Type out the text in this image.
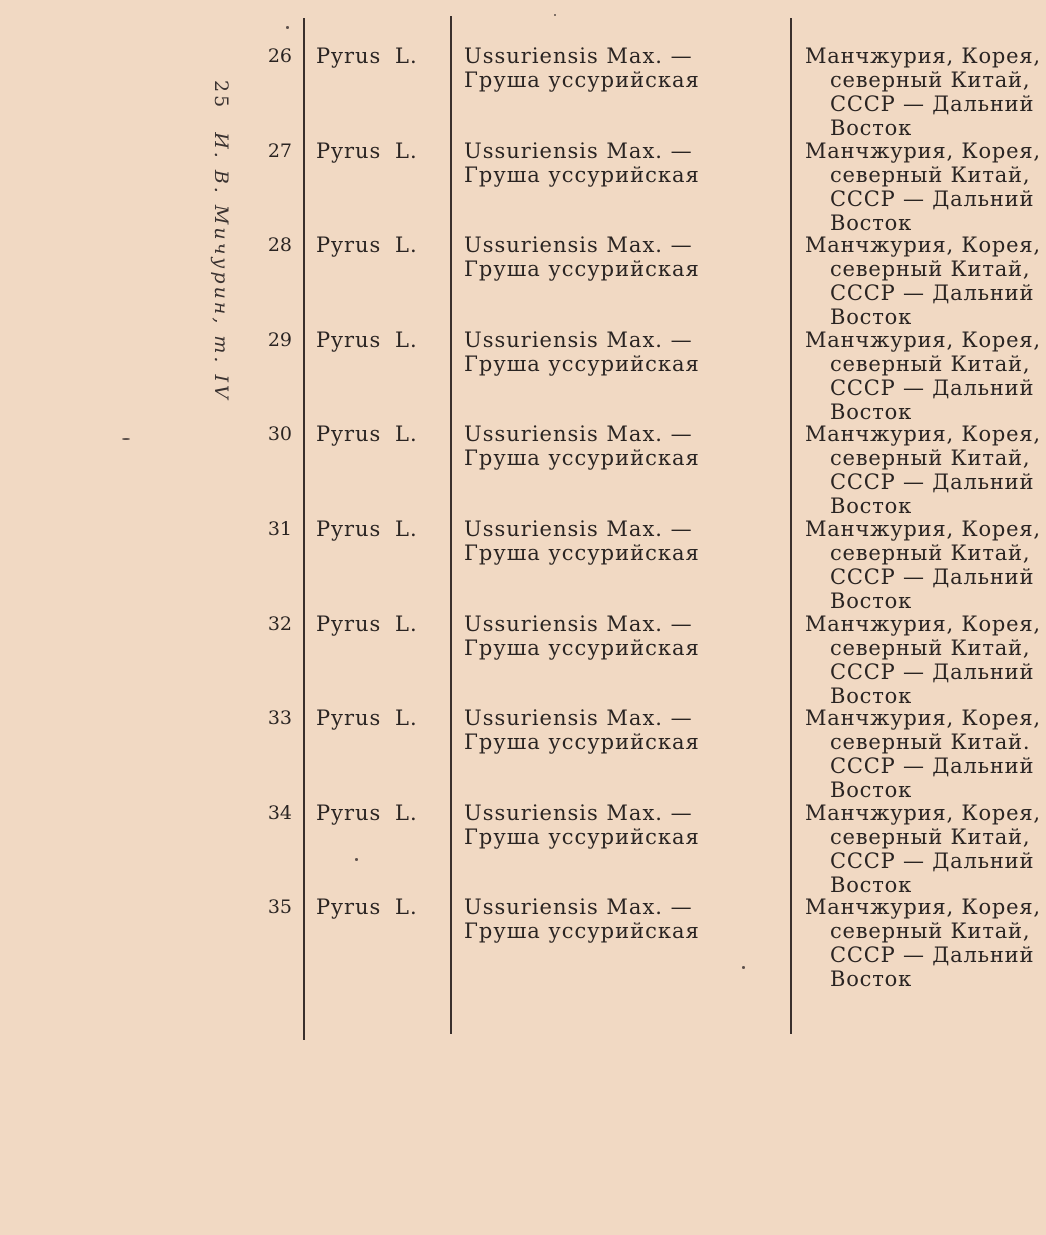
25И. В. Мичурин, т. IV
26 Pyrus L. Ussuriensis Max. —
Груша уссурийская
Манчжурия, Корея,
северный Китай,
СССР — Дальний
Восток
27 Pyrus L. Ussuriensis Max. —
Груша уссурийская
Манчжурия, Корея,
северный Китай,
СССР — Дальний
Восток
28 Pyrus L. Ussuriensis Max. —
Груша уссурийская
Манчжурия, Корея,
северный Китай,
СССР — Дальний
Восток
29 Pyrus L. Ussuriensis Max. —
Груша уссурийская
Манчжурия, Корея,
северный Китай,
СССР — Дальний
Восток
30 Pyrus L. Ussuriensis Max. —
Груша уссурийская
Манчжурия, Корея,
северный Китай,
СССР — Дальний
Восток
31 Pyrus L. Ussuriensis Max. —
Груша уссурийская
Манчжурия, Корея,
северный Китай,
СССР — Дальний
Восток
32 Pyrus L. Ussuriensis Max. —
Груша уссурийская
Манчжурия, Корея,
северный Китай,
СССР — Дальний
Восток
33 Pyrus L. Ussuriensis Max. —
Груша уссурийская
Манчжурия, Корея,
северный Китай.
СССР — Дальний
Восток
34 Pyrus L. Ussuriensis Max. —
Груша уссурийская
Манчжурия, Корея,
северный Китай,
СССР — Дальний
Восток
35 Pyrus L. Ussuriensis Max. —
Груша уссурийская
Манчжурия, Корея,
северный Китай,
СССР — Дальний
Восток
